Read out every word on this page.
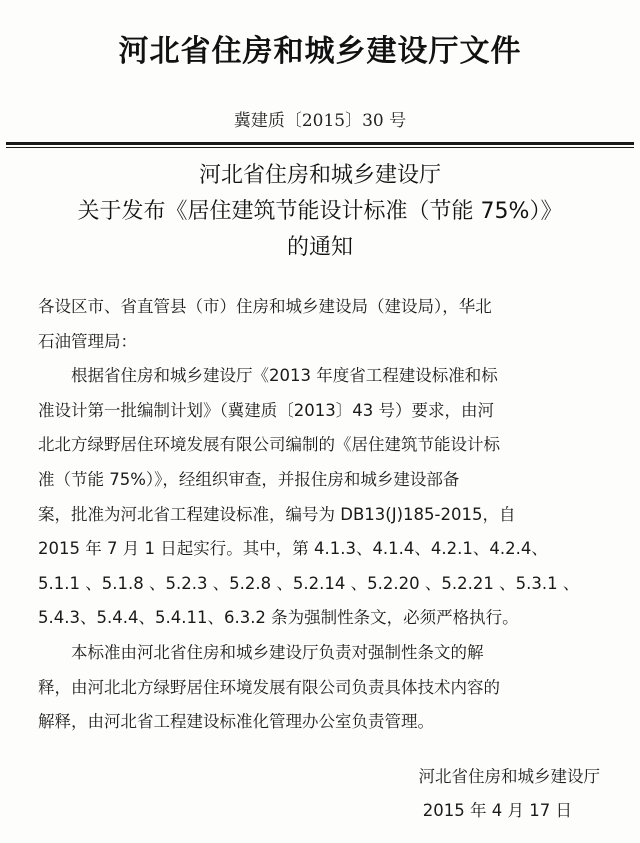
河北省住房和城乡建设厅文件
冀建质〔2015〕30 号
河北省住房和城乡建设厅
关于发布《居住建筑节能设计标准（节能 75%）》
的通知
各设区市、省直管县（市）住房和城乡建设局（建设局），华北
石油管理局：
根据省住房和城乡建设厅《2013 年度省工程建设标准和标
准设计第一批编制计划》（冀建质〔2013〕43 号）要求，由河
北北方绿野居住环境发展有限公司编制的《居住建筑节能设计标
准（节能 75%）》，经组织审查，并报住房和城乡建设部备
案，批准为河北省工程建设标准，编号为 DB13(J)185-2015，自
2015 年 7 月 1 日起实行。其中，第 4.1.3、4.1.4、4.2.1、4.2.4、
5.1.1 、5.1.8 、5.2.3 、5.2.8 、5.2.14 、5.2.20 、5.2.21 、5.3.1 、
5.4.3、5.4.4、5.4.11、6.3.2 条为强制性条文，必须严格执行。
本标准由河北省住房和城乡建设厅负责对强制性条文的解
释，由河北北方绿野居住环境发展有限公司负责具体技术内容的
解释，由河北省工程建设标准化管理办公室负责管理。
河北省住房和城乡建设厅
2015 年 4 月 17 日
